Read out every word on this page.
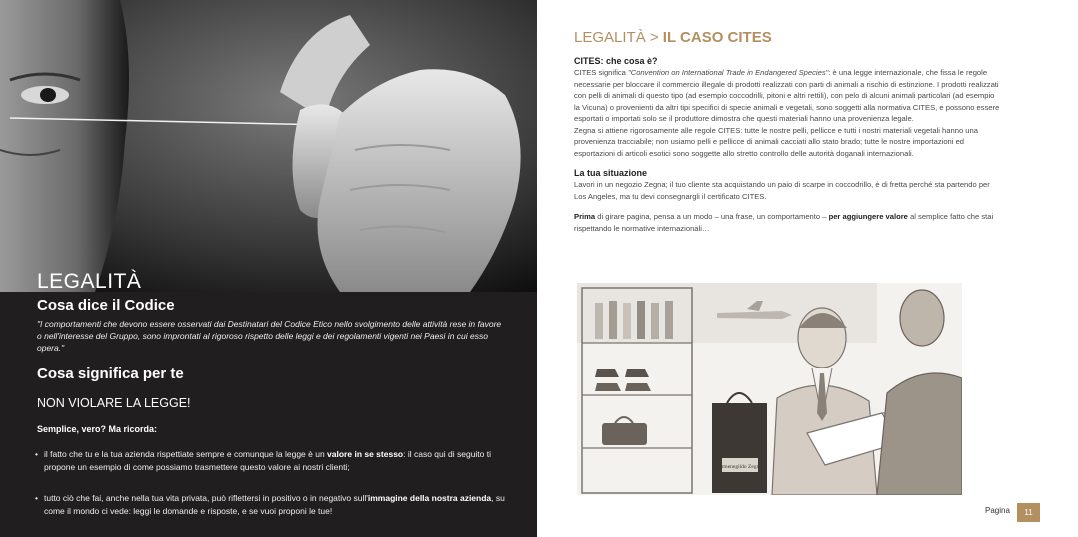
LEGALITÀ
Cosa dice il Codice

"I comportamenti che devono essere osservati dai Destinatari del Codice Etico nello svolgimento delle attività rese in favore o nell'interesse del Gruppo, sono improntati al rigoroso rispetto delle leggi e dei regolamenti vigenti nei Paesi in cui esso opera."

Cosa significa per te

NON VIOLARE LA LEGGE!

Semplice, vero? Ma ricorda:

• il fatto che tu e la tua azienda rispettiate sempre e comunque la legge è un valore in se stesso: il caso qui di seguito ti propone un esempio di come possiamo trasmettere questo valore ai nostri clienti;
• tutto ciò che fai, anche nella tua vita privata, può riflettersi in positivo o in negativo sull'immagine della nostra azienda, su come il mondo ci vede: leggi le domande e risposte, e se vuoi proponi le tue!
LEGALITÀ > IL CASO CITES
CITES: che cosa è?

CITES significa "Convention on International Trade in Endangered Species": è una legge internazionale, che fissa le regole necessarie per bloccare il commercio illegale di prodotti realizzati con parti di animali a rischio di estinzione. I prodotti realizzati con pelli di animali di questo tipo (ad esempio coccodrilli, pitoni e altri rettili), con pelo di alcuni animali particolari (ad esempio la Vicuna) o provenienti da altri tipi specifici di specie animali e vegetali, sono soggetti alla normativa CITES, e possono essere esportati o importati solo se il produttore dimostra che questi materiali hanno una provenienza legale.

Zegna si attiene rigorosamente alle regole CITES: tutte le nostre pelli, pellicce e tutti i nostri materiali vegetali hanno una provenienza tracciabile; non usiamo pelli e pellicce di animali cacciati allo stato brado; tutte le nostre importazioni ed esportazioni di articoli esotici sono soggette allo stretto controllo delle autorità doganali internazionali.

La tua situazione

Lavori in un negozio Zegna; il tuo cliente sta acquistando un paio di scarpe in coccodrillo, è di fretta perché sta partendo per Los Angeles, ma tu devi consegnargli il certificato CITES.

Prima di girare pagina, pensa a un modo – una frase, un comportamento – per aggiungere valore al semplice fatto che stai rispettando le normative internazionali…

Ermenegildo Zegna
Pagina	11
